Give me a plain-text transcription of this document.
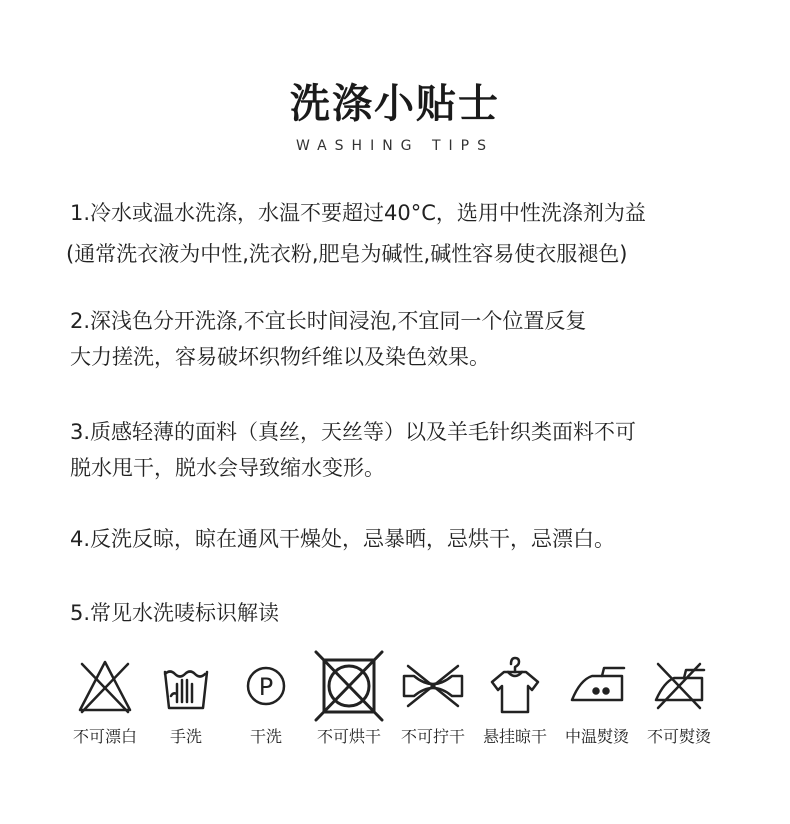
洗涤小贴士
WASHING TIPS
1.冷水或温水洗涤，水温不要超过40°C，选用中性洗涤剂为益
(通常洗衣液为中性,洗衣粉,肥皂为碱性,碱性容易使衣服褪色)
2.深浅色分开洗涤,不宜长时间浸泡,不宜同一个位置反复
大力搓洗，容易破坏织物纤维以及染色效果。
3.质感轻薄的面料（真丝，天丝等）以及羊毛针织类面料不可
脱水甩干，脱水会导致缩水变形。
4.反洗反晾，晾在通风干燥处，忌暴晒，忌烘干，忌漂白。
5.常见水洗唛标识解读
不可漂白	手洗
P
干洗	不可烘干	不可拧干	悬挂晾干	中温熨烫	不可熨烫
